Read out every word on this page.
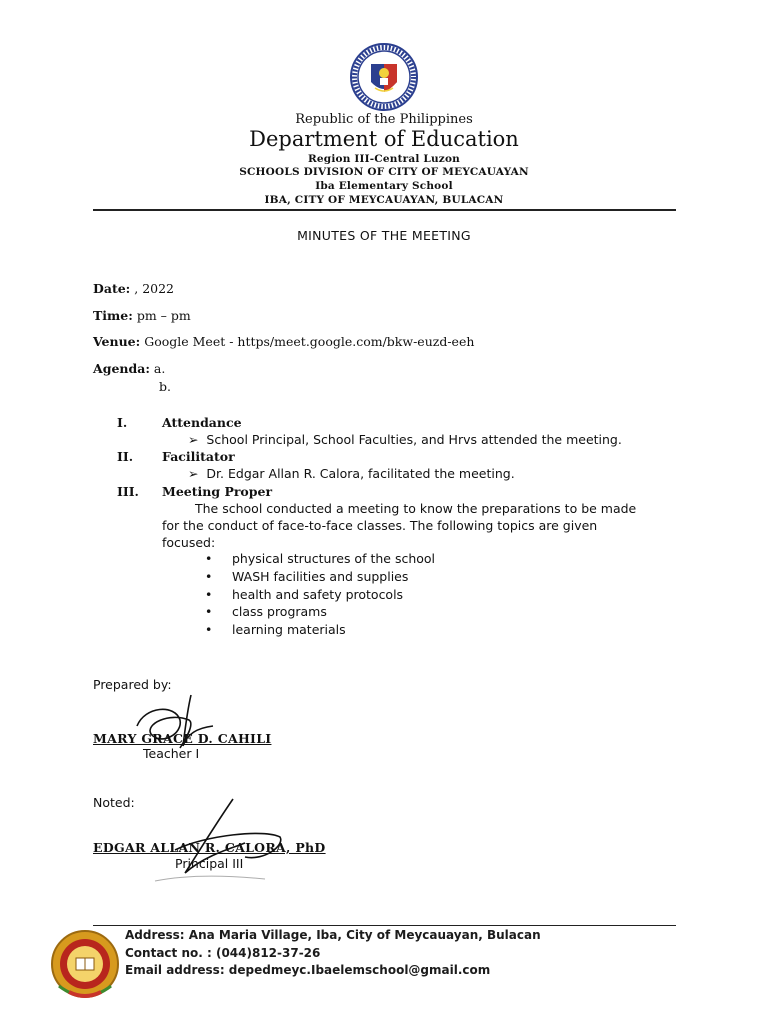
Republic of the Philippines
Department of Education
Region III-Central Luzon
SCHOOLS DIVISION OF CITY OF MEYCAUAYAN
Iba Elementary School
IBA, CITY OF MEYCAUAYAN, BULACAN
MINUTES OF THE MEETING
Date: , 2022
Time: pm – pm
Venue: Google Meet - https/meet.google.com/bkw-euzd-eeh
Agenda: a.
b.
I.	Attendance
➢  School Principal, School Faculties, and Hrvs attended the meeting.
II. Facilitator
➢  Dr. Edgar Allan R. Calora, facilitated the meeting.
III. Meeting Proper
The school conducted a meeting to know the preparations to be made
for the conduct of face-to-face classes. The following topics are given
focused:
• physical structures of the school
• WASH facilities and supplies
• health and safety protocols
• class programs
• learning materials
Prepared by:
MARY GRACE D. CAHILI
Teacher I
Noted:
EDGAR ALLAN R. CALORA, PhD
Principal III
Address: Ana Maria Village, Iba, City of Meycauayan, Bulacan
Contact no. : (044)812-37-26
Email address: depedmeyc.Ibaelemschool@gmail.com
